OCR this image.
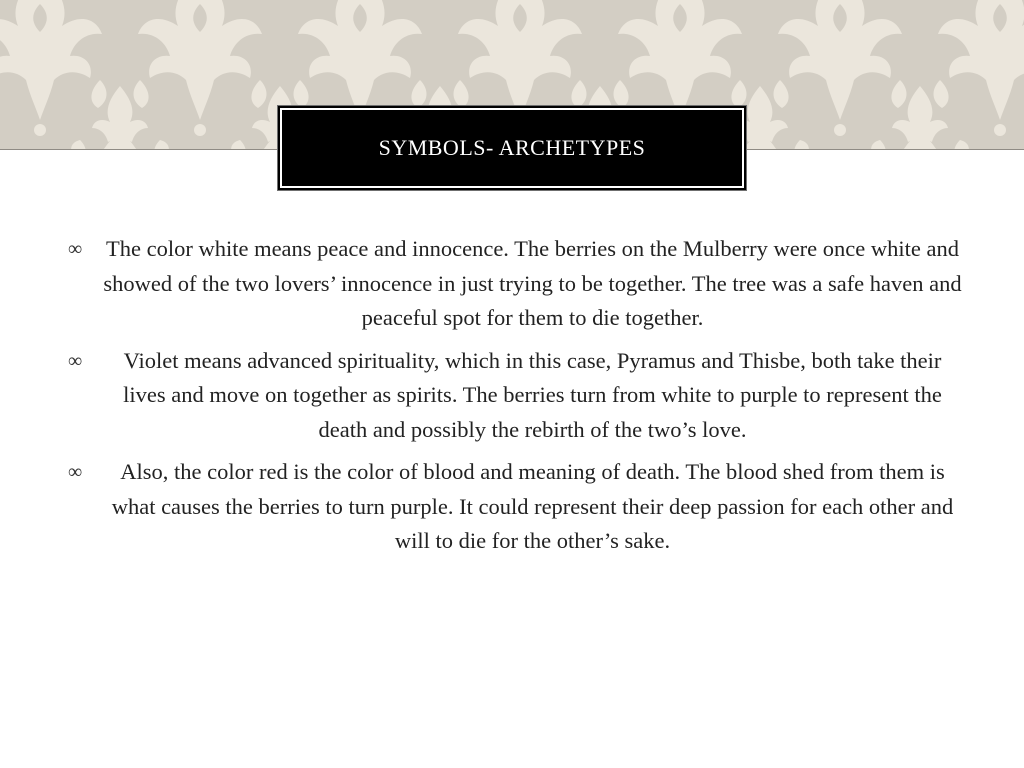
SYMBOLS- ARCHETYPES

∞ The color white means peace and innocence. The berries on the Mulberry were once white and showed of the two lovers’ innocence in just trying to be together. The tree was a safe haven and peaceful spot for them to die together.

∞ Violet means advanced spirituality, which in this case, Pyramus and Thisbe, both take their lives and move on together as spirits. The berries turn from white to purple to represent the death and possibly the rebirth of the two’s love.

∞ Also, the color red is the color of blood and meaning of death. The blood shed from them is what causes the berries to turn purple. It could represent their deep passion for each other and will to die for the other’s sake.
